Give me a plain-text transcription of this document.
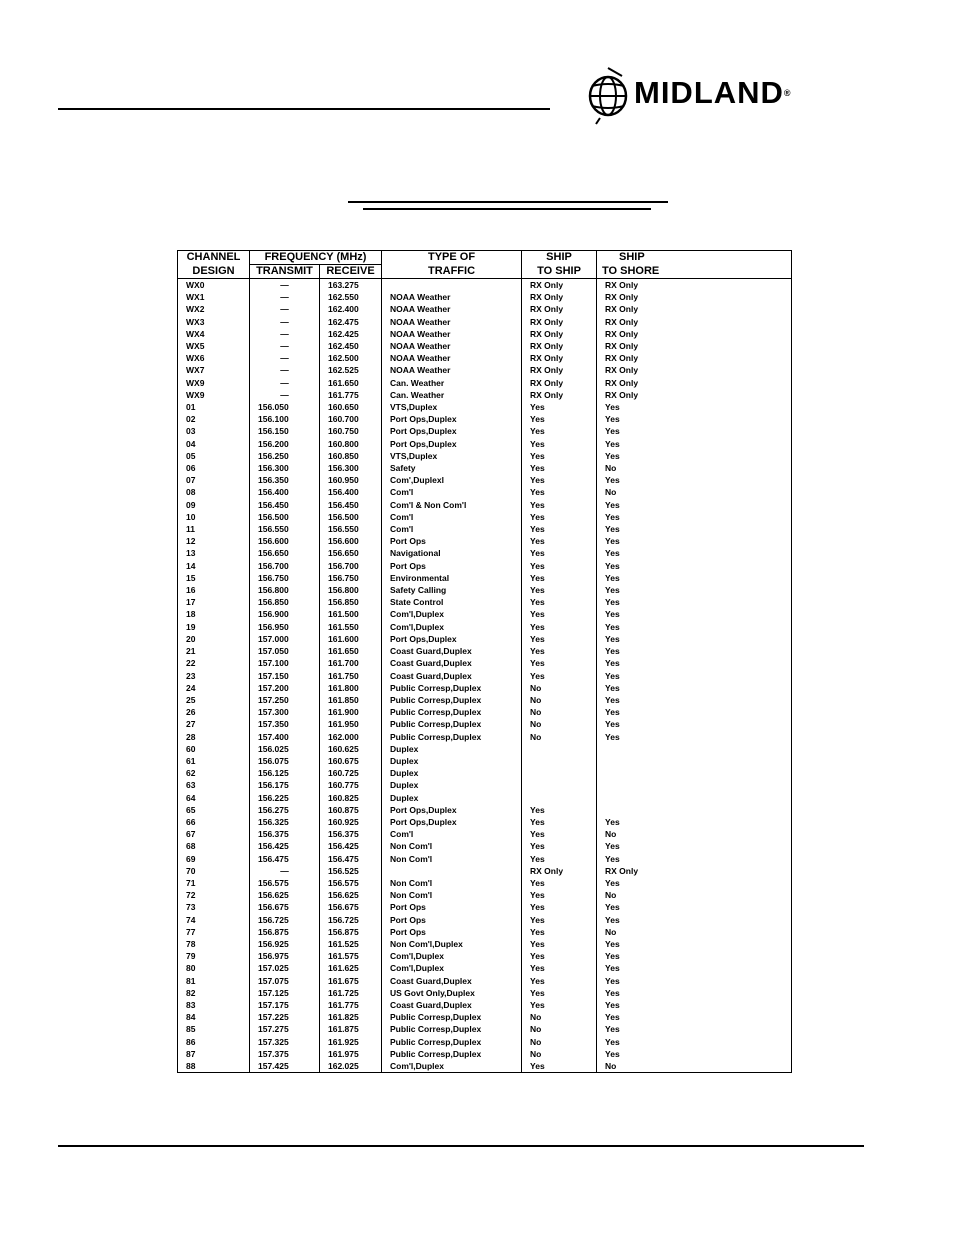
MIDLAND®
CHANNEL	FREQUENCY (MHz)		TYPE OF	SHIP	SHIP
DESIGN	TRANSMIT	RECEIVE	TRAFFIC	TO SHIP	TO SHORE
WX0	—	163.275		RX Only	RX Only
WX1	—	162.550	NOAA Weather	RX Only	RX Only
WX2	—	162.400	NOAA Weather	RX Only	RX Only
WX3	—	162.475	NOAA Weather	RX Only	RX Only
WX4	—	162.425	NOAA Weather	RX Only	RX Only
WX5	—	162.450	NOAA Weather	RX Only	RX Only
WX6	—	162.500	NOAA Weather	RX Only	RX Only
WX7	—	162.525	NOAA Weather	RX Only	RX Only
WX9	—	161.650	Can. Weather	RX Only	RX Only
WX9	—	161.775	Can. Weather	RX Only	RX Only
01	156.050	160.650	VTS,Duplex	Yes	Yes
02	156.100	160.700	Port Ops,Duplex	Yes	Yes
03	156.150	160.750	Port Ops,Duplex	Yes	Yes
04	156.200	160.800	Port Ops,Duplex	Yes	Yes
05	156.250	160.850	VTS,Duplex	Yes	Yes
06	156.300	156.300	Safety	Yes	No
07	156.350	160.950	Com',Duplexl	Yes	Yes
08	156.400	156.400	Com'l	Yes	No
09	156.450	156.450	Com'l & Non Com'l	Yes	Yes
10	156.500	156.500	Com'l	Yes	Yes
11	156.550	156.550	Com'l	Yes	Yes
12	156.600	156.600	Port Ops	Yes	Yes
13	156.650	156.650	Navigational	Yes	Yes
14	156.700	156.700	Port Ops	Yes	Yes
15	156.750	156.750	Environmental	Yes	Yes
16	156.800	156.800	Safety Calling	Yes	Yes
17	156.850	156.850	State Control	Yes	Yes
18	156.900	161.500	Com'l,Duplex	Yes	Yes
19	156.950	161.550	Com'l,Duplex	Yes	Yes
20	157.000	161.600	Port Ops,Duplex	Yes	Yes
21	157.050	161.650	Coast Guard,Duplex	Yes	Yes
22	157.100	161.700	Coast Guard,Duplex	Yes	Yes
23	157.150	161.750	Coast Guard,Duplex	Yes	Yes
24	157.200	161.800	Public Corresp,Duplex	No	Yes
25	157.250	161.850	Public Corresp,Duplex	No	Yes
26	157.300	161.900	Public Corresp,Duplex	No	Yes
27	157.350	161.950	Public Corresp,Duplex	No	Yes
28	157.400	162.000	Public Corresp,Duplex	No	Yes
60	156.025	160.625	Duplex		
61	156.075	160.675	Duplex		
62	156.125	160.725	Duplex		
63	156.175	160.775	Duplex		
64	156.225	160.825	Duplex		
65	156.275	160.875	Port Ops,Duplex	Yes	
66	156.325	160.925	Port Ops,Duplex	Yes	Yes
67	156.375	156.375	Com'l	Yes	No
68	156.425	156.425	Non Com'l	Yes	Yes
69	156.475	156.475	Non Com'l	Yes	Yes
70	—	156.525		RX Only	RX Only
71	156.575	156.575	Non Com'l	Yes	Yes
72	156.625	156.625	Non Com'l	Yes	No
73	156.675	156.675	Port Ops	Yes	Yes
74	156.725	156.725	Port Ops	Yes	Yes
77	156.875	156.875	Port Ops	Yes	No
78	156.925	161.525	Non Com'l,Duplex	Yes	Yes
79	156.975	161.575	Com'l,Duplex	Yes	Yes
80	157.025	161.625	Com'l,Duplex	Yes	Yes
81	157.075	161.675	Coast Guard,Duplex	Yes	Yes
82	157.125	161.725	US Govt Only,Duplex	Yes	Yes
83	157.175	161.775	Coast Guard,Duplex	Yes	Yes
84	157.225	161.825	Public Corresp,Duplex	No	Yes
85	157.275	161.875	Public Corresp,Duplex	No	Yes
86	157.325	161.925	Public Corresp,Duplex	No	Yes
87	157.375	161.975	Public Corresp,Duplex	No	Yes
88	157.425	162.025	Com'l,Duplex	Yes	No
